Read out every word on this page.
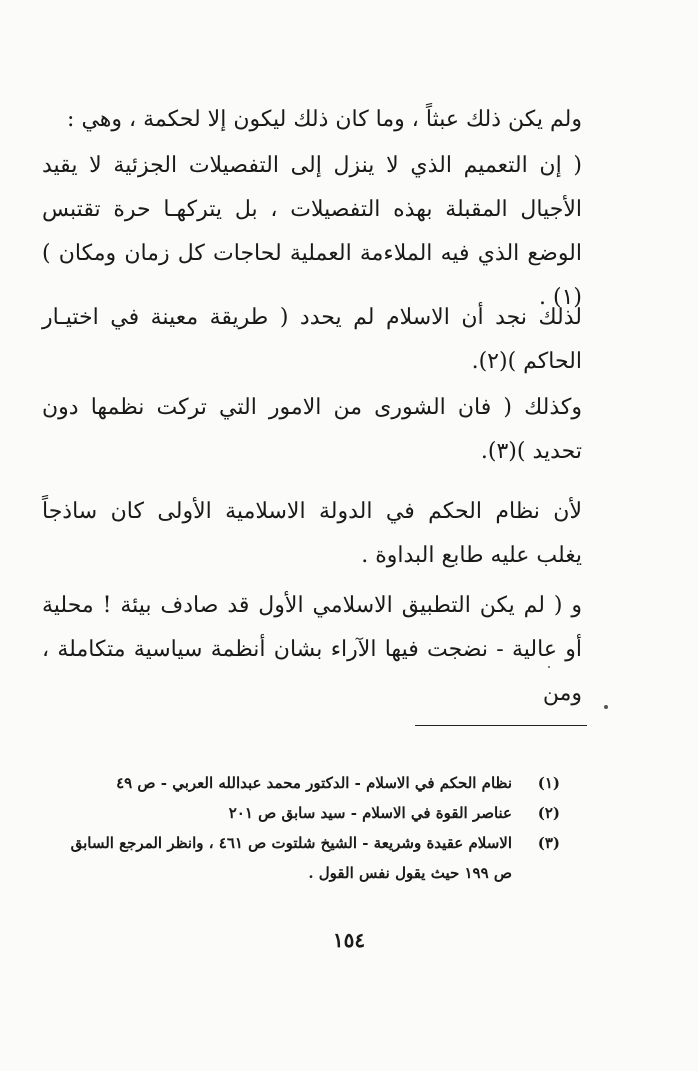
ولم يكن ذلك عبثاً ، وما كان ذلك ليكون إلا لحكمة ، وهي :
( إن التعميم الذي لا ينزل إلى التفصيلات الجزئية لا يقيد الأجيال المقبلة بهذه التفصيلات ، بل يتركهـا حرة تقتبس الوضع الذي فيه الملاءمة العملية لحاجات كل زمان ومكان )(١) .
لذلك نجد أن الاسلام لم يحدد ( طريقة معينة في اختيـار الحاكم )(٢).
وكذلك ( فان الشورى من الامور التي تركت نظمها دون تحديد )(٣).
لأن نظام الحكم في الدولة الاسلامية الأولى كان ساذجاً يغلب عليه طابع البداوة .
و ( لم يكن التطبيق الاسلامي الأول قد صادف بيئة ! محلية أو عالية - نضجت فيها الآراء بشان أنظمة سياسية متكاملة ، ومن
(١)
نظام الحكم في الاسلام - الدكتور محمد عبدالله العربي - ص ٤٩
(٢)
عناصر القوة في الاسلام - سيد سابق ص ٢٠١
(٣)
الاسلام عقيدة وشريعة - الشيخ شلتوت ص ٤٦١ ، وانظر المرجع السابق ص ١٩٩ حيث يقول نفس القول .
١٥٤
